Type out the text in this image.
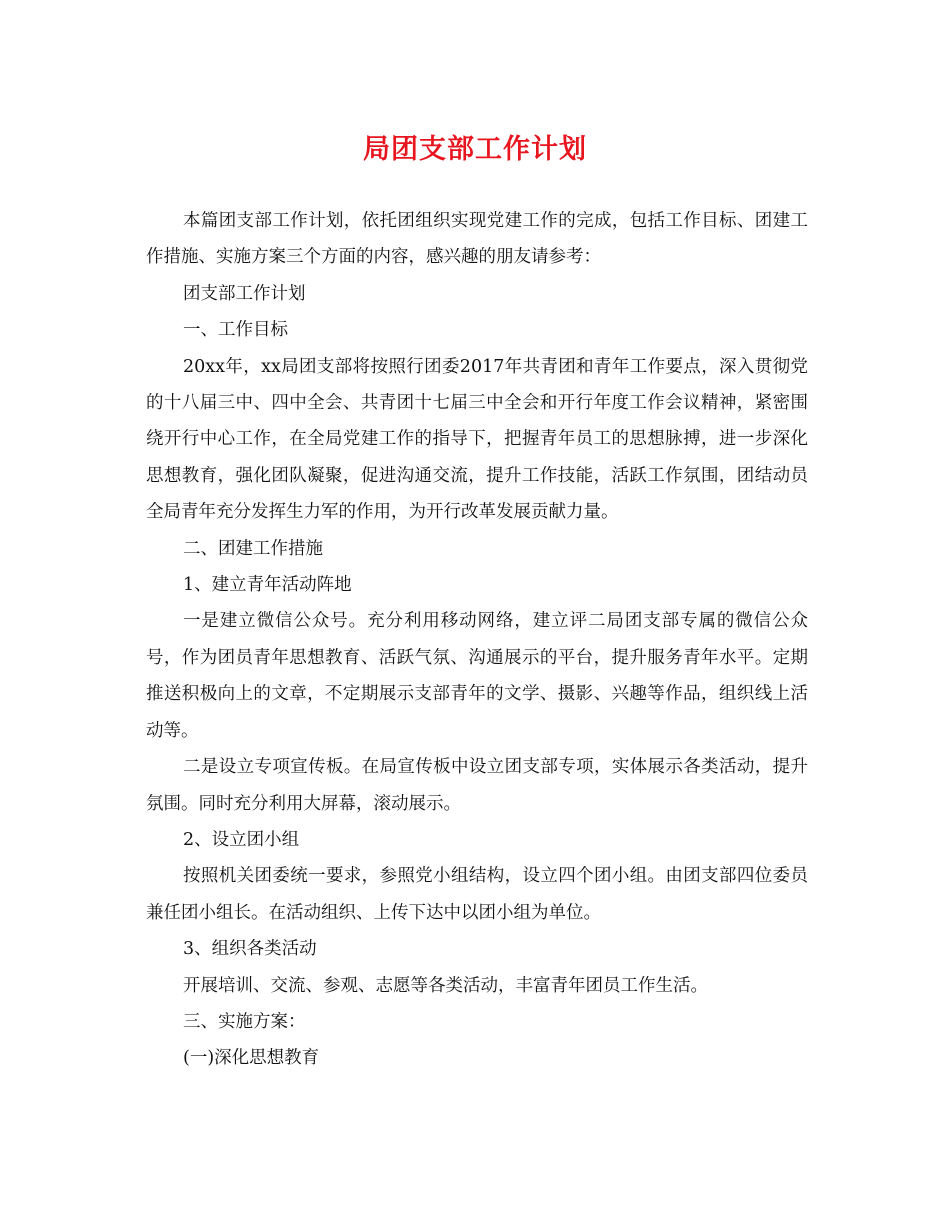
局团支部工作计划

本篇团支部工作计划，依托团组织实现党建工作的完成，包括工作目标、团建工作措施、实施方案三个方面的内容，感兴趣的朋友请参考：

团支部工作计划

一、工作目标

20xx年，xx局团支部将按照行团委2017年共青团和青年工作要点，深入贯彻党的十八届三中、四中全会、共青团十七届三中全会和开行年度工作会议精神，紧密围绕开行中心工作，在全局党建工作的指导下，把握青年员工的思想脉搏，进一步深化思想教育，强化团队凝聚，促进沟通交流，提升工作技能，活跃工作氛围，团结动员全局青年充分发挥生力军的作用，为开行改革发展贡献力量。

二、团建工作措施

1、建立青年活动阵地

一是建立微信公众号。充分利用移动网络，建立评二局团支部专属的微信公众号，作为团员青年思想教育、活跃气氛、沟通展示的平台，提升服务青年水平。定期推送积极向上的文章，不定期展示支部青年的文学、摄影、兴趣等作品，组织线上活动等。

二是设立专项宣传板。在局宣传板中设立团支部专项，实体展示各类活动，提升氛围。同时充分利用大屏幕，滚动展示。

2、设立团小组

按照机关团委统一要求，参照党小组结构，设立四个团小组。由团支部四位委员兼任团小组长。在活动组织、上传下达中以团小组为单位。

3、组织各类活动

开展培训、交流、参观、志愿等各类活动，丰富青年团员工作生活。

三、实施方案：

(一)深化思想教育
